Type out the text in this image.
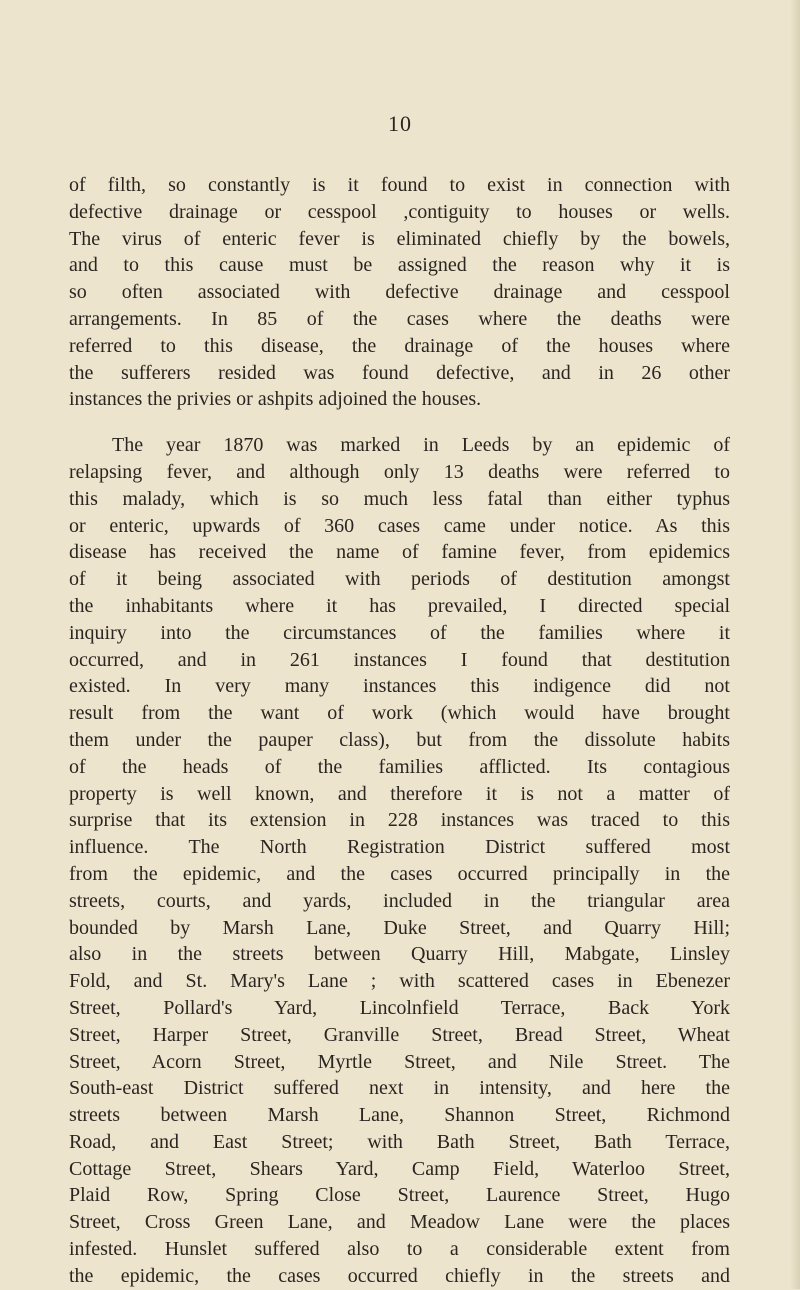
10
of filth, so constantly is it found to exist in connection with
defective drainage or cesspool ,contiguity to houses or wells.
The virus of enteric fever is eliminated chiefly by the bowels,
and to this cause must be assigned the reason why it is
so often associated with defective drainage and cesspool
arrangements. In 85 of the cases where the deaths were
referred to this disease, the drainage of the houses where
the sufferers resided was found defective, and in 26 other
instances the privies or ashpits adjoined the houses.
The year 1870 was marked in Leeds by an epidemic of
relapsing fever, and although only 13 deaths were referred to
this malady, which is so much less fatal than either typhus
or enteric, upwards of 360 cases came under notice. As this
disease has received the name of famine fever, from epidemics
of it being associated with periods of destitution amongst
the inhabitants where it has prevailed, I directed special
inquiry into the circumstances of the families where it
occurred, and in 261 instances I found that destitution
existed. In very many instances this indigence did not
result from the want of work (which would have brought
them under the pauper class), but from the dissolute habits
of the heads of the families afflicted. Its contagious
property is well known, and therefore it is not a matter of
surprise that its extension in 228 instances was traced to this
influence. The North Registration District suffered most
from the epidemic, and the cases occurred principally in the
streets, courts, and yards, included in the triangular area
bounded by Marsh Lane, Duke Street, and Quarry Hill;
also in the streets between Quarry Hill, Mabgate, Linsley
Fold, and St. Mary's Lane ; with scattered cases in Ebenezer
Street, Pollard's Yard, Lincolnfield Terrace, Back York
Street, Harper Street, Granville Street, Bread Street, Wheat
Street, Acorn Street, Myrtle Street, and Nile Street. The
South-east District suffered next in intensity, and here the
streets between Marsh Lane, Shannon Street, Richmond
Road, and East Street; with Bath Street, Bath Terrace,
Cottage Street, Shears Yard, Camp Field, Waterloo Street,
Plaid Row, Spring Close Street, Laurence Street, Hugo
Street, Cross Green Lane, and Meadow Lane were the places
infested. Hunslet suffered also to a considerable extent from
the epidemic, the cases occurred chiefly in the streets and
